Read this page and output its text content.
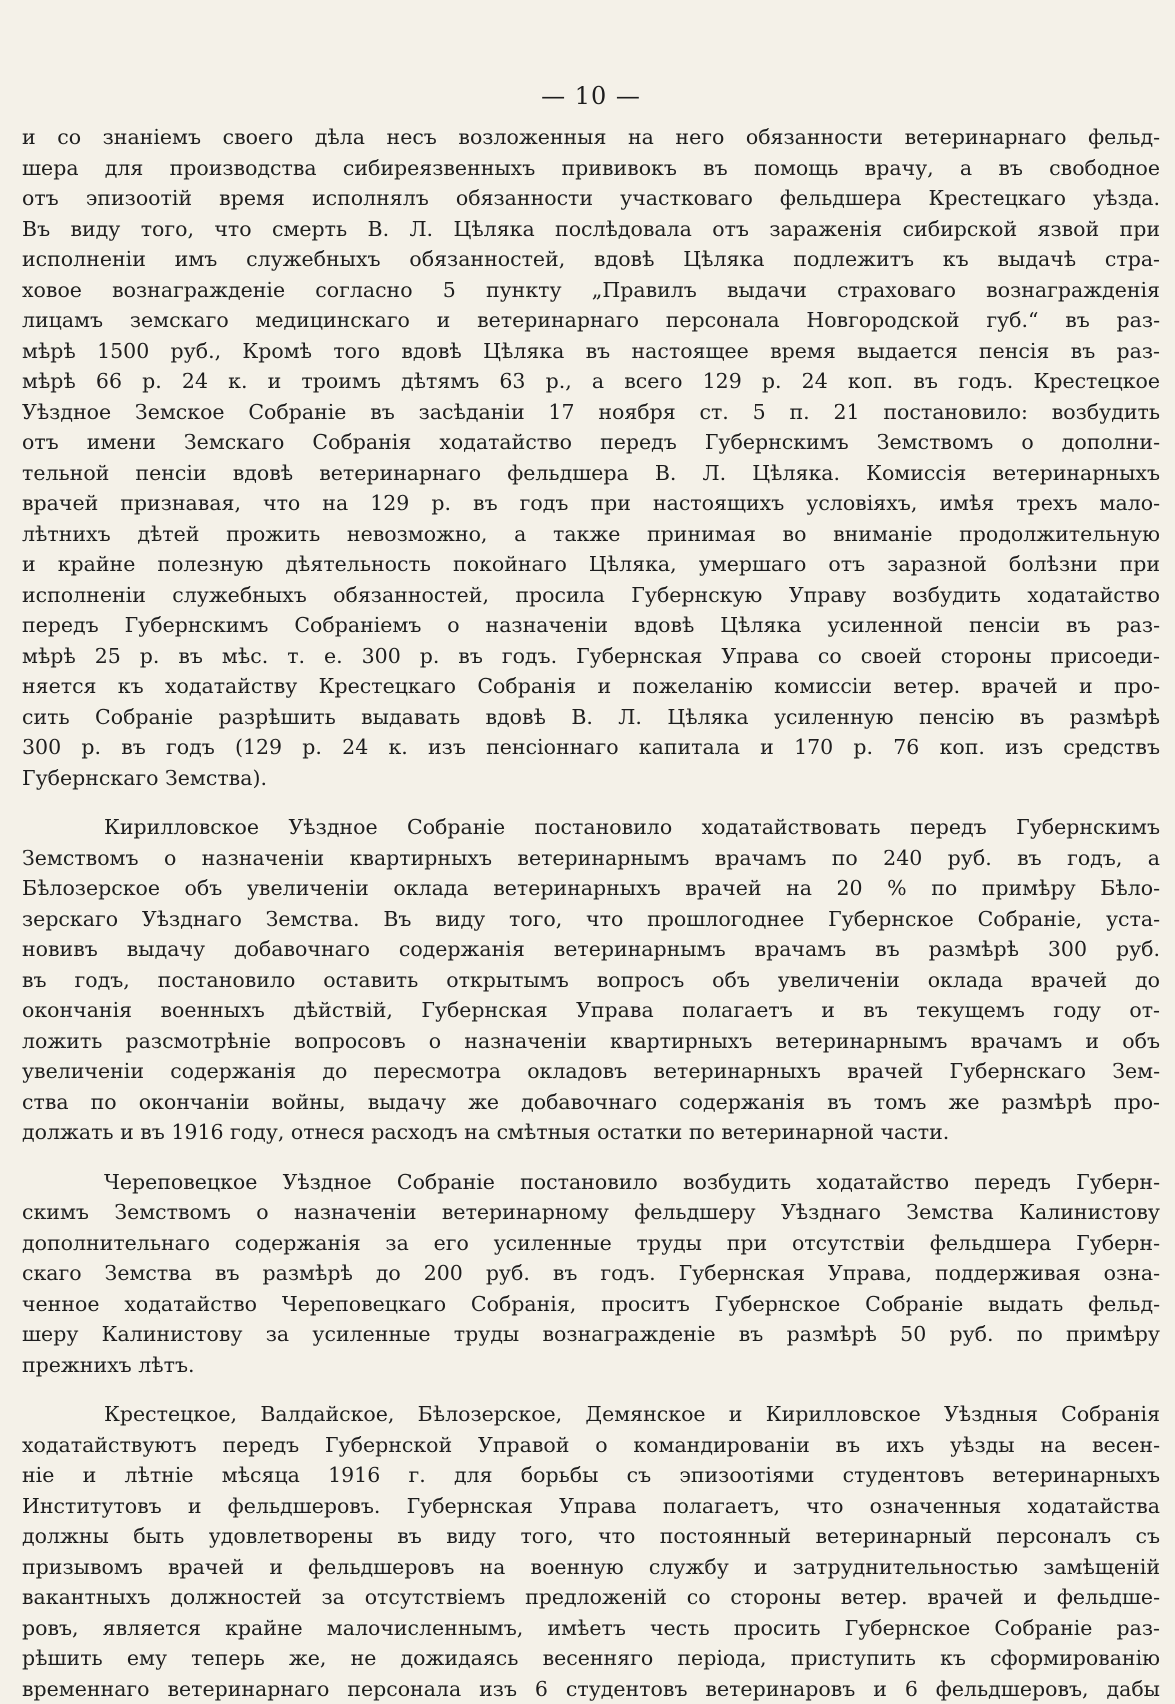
— 10 —
и со знаніемъ своего дѣла несъ возложенныя на него обязанности ветеринарнаго фельд-
шера для производства сибиреязвенныхъ прививокъ въ помощь врачу, а въ свободное
отъ эпизоотій время исполнялъ обязанности участковаго фельдшера Крестецкаго уѣзда.
Въ виду того, что смерть В. Л. Цѣляка послѣдовала отъ зараженія сибирской язвой при
исполненіи имъ служебныхъ обязанностей, вдовѣ Цѣляка подлежитъ къ выдачѣ стра-
ховое вознагражденіе согласно 5 пункту „Правилъ выдачи страховаго вознагражденія
лицамъ земскаго медицинскаго и ветеринарнаго персонала Новгородской губ.“ въ раз-
мѣрѣ 1500 руб., Кромѣ того вдовѣ Цѣляка въ настоящее время выдается пенсія въ раз-
мѣрѣ 66 р. 24 к. и троимъ дѣтямъ 63 р., а всего 129 р. 24 коп. въ годъ. Крестецкое
Уѣздное Земское Собраніе въ засѣданіи 17 ноября ст. 5 п. 21 постановило: возбудить
отъ имени Земскаго Собранія ходатайство передъ Губернскимъ Земствомъ о дополни-
тельной пенсіи вдовѣ ветеринарнаго фельдшера В. Л. Цѣляка. Комиссія ветеринарныхъ
врачей признавая, что на 129 р. въ годъ при настоящихъ условіяхъ, имѣя трехъ мало-
лѣтнихъ дѣтей прожить невозможно, а также принимая во вниманіе продолжительную
и крайне полезную дѣятельность покойнаго Цѣляка, умершаго отъ заразной болѣзни при
исполненіи служебныхъ обязанностей, просила Губернскую Управу возбудить ходатайство
передъ Губернскимъ Собраніемъ о назначеніи вдовѣ Цѣляка усиленной пенсіи въ раз-
мѣрѣ 25 р. въ мѣс. т. е. 300 р. въ годъ. Губернская Управа со своей стороны присоеди-
няется къ ходатайству Крестецкаго Собранія и пожеланію комиссіи ветер. врачей и про-
сить Собраніе разрѣшить выдавать вдовѣ В. Л. Цѣляка усиленную пенсію въ размѣрѣ
300 р. въ годъ (129 р. 24 к. изъ пенсіоннаго капитала и 170 р. 76 коп. изъ средствъ
Губернскаго Земства).
Кирилловское Уѣздное Собраніе постановило ходатайствовать передъ Губернскимъ
Земствомъ о назначеніи квартирныхъ ветеринарнымъ врачамъ по 240 руб. въ годъ, а
Бѣлозерское объ увеличеніи оклада ветеринарныхъ врачей на 20 % по примѣру Бѣло-
зерскаго Уѣзднаго Земства. Въ виду того, что прошлогоднее Губернское Собраніе, уста-
новивъ выдачу добавочнаго содержанія ветеринарнымъ врачамъ въ размѣрѣ 300 руб.
въ годъ, постановило оставить открытымъ вопросъ объ увеличеніи оклада врачей до
окончанія военныхъ дѣйствій, Губернская Управа полагаетъ и въ текущемъ году от-
ложить разсмотрѣніе вопросовъ о назначеніи квартирныхъ ветеринарнымъ врачамъ и объ
увеличеніи содержанія до пересмотра окладовъ ветеринарныхъ врачей Губернскаго Зем-
ства по окончаніи войны, выдачу же добавочнаго содержанія въ томъ же размѣрѣ про-
должать и въ 1916 году, отнеся расходъ на смѣтныя остатки по ветеринарной части.
Череповецкое Уѣздное Собраніе постановило возбудить ходатайство передъ Губерн-
скимъ Земствомъ о назначеніи ветеринарному фельдшеру Уѣзднаго Земства Калинистову
дополнительнаго содержанія за его усиленные труды при отсутствіи фельдшера Губерн-
скаго Земства въ размѣрѣ до 200 руб. въ годъ. Губернская Управа, поддерживая озна-
ченное ходатайство Череповецкаго Собранія, проситъ Губернское Собраніе выдать фельд-
шеру Калинистову за усиленные труды вознагражденіе въ размѣрѣ 50 руб. по примѣру
прежнихъ лѣтъ.
Крестецкое, Валдайское, Бѣлозерское, Демянское и Кирилловское Уѣздныя Собранія
ходатайствуютъ передъ Губернской Управой о командированіи въ ихъ уѣзды на весен-
ніе и лѣтніе мѣсяца 1916 г. для борьбы съ эпизоотіями студентовъ ветеринарныхъ
Институтовъ и фельдшеровъ. Губернская Управа полагаетъ, что означенныя ходатайства
должны быть удовлетворены въ виду того, что постоянный ветеринарный персоналъ съ
призывомъ врачей и фельдшеровъ на военную службу и затруднительностью замѣщеній
вакантныхъ должностей за отсутствіемъ предложеній со стороны ветер. врачей и фельдше-
ровъ, является крайне малочисленнымъ, имѣетъ честь просить Губернское Собраніе раз-
рѣшить ему теперь же, не дожидаясь весенняго періода, приступить къ сформированію
временнаго ветеринарнаго персонала изъ 6 студентовъ ветеринаровъ и 6 фельдшеровъ, дабы
